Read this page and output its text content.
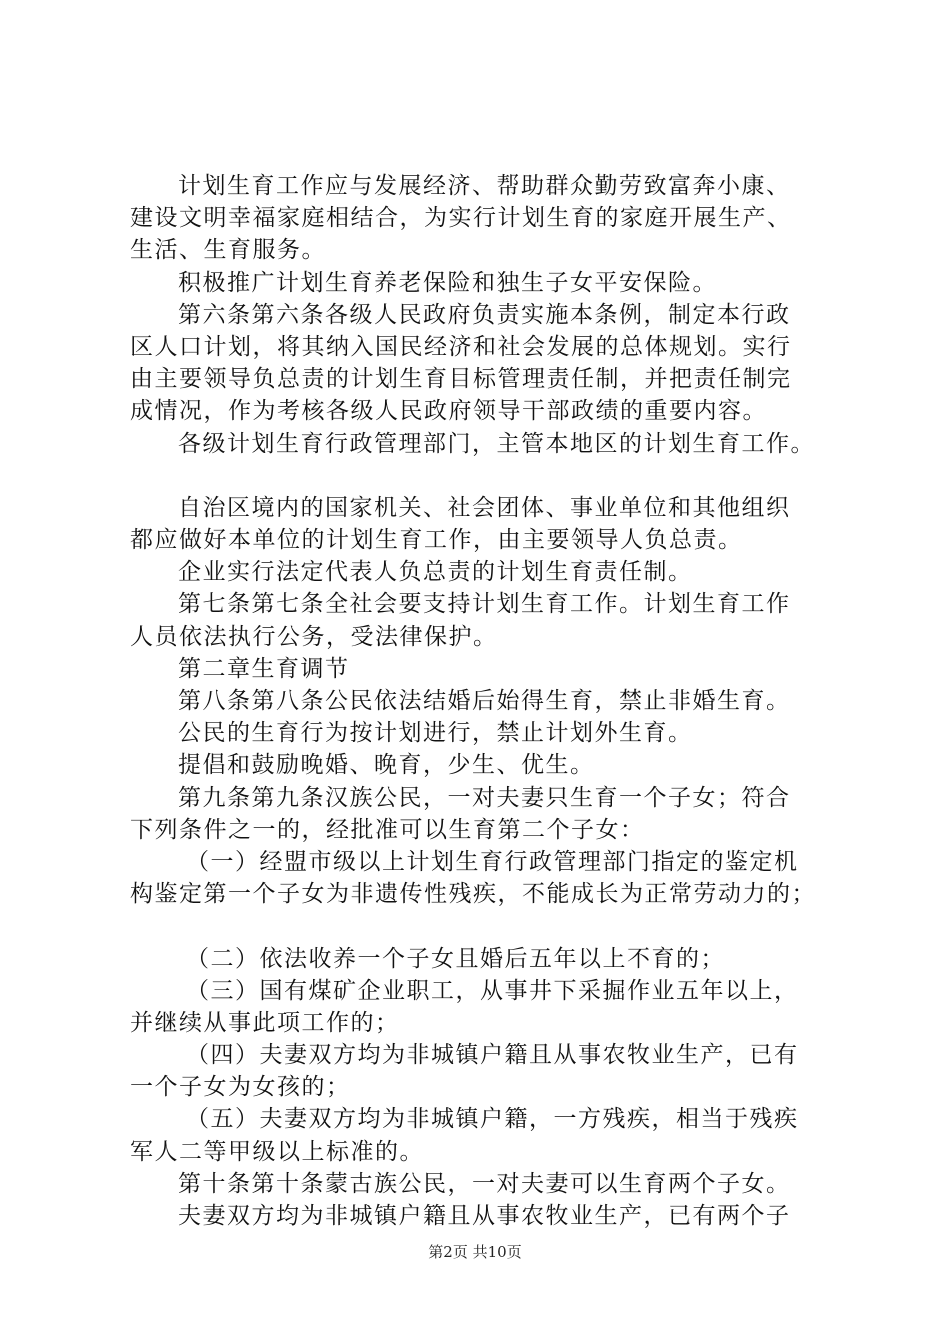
计划生育工作应与发展经济、帮助群众勤劳致富奔小康、
建设文明幸福家庭相结合，为实行计划生育的家庭开展生产、
生活、生育服务。
积极推广计划生育养老保险和独生子女平安保险。
第六条第六条各级人民政府负责实施本条例，制定本行政
区人口计划，将其纳入国民经济和社会发展的总体规划。实行
由主要领导负总责的计划生育目标管理责任制，并把责任制完
成情况，作为考核各级人民政府领导干部政绩的重要内容。
各级计划生育行政管理部门，主管本地区的计划生育工作。
自治区境内的国家机关、社会团体、事业单位和其他组织
都应做好本单位的计划生育工作，由主要领导人负总责。
企业实行法定代表人负总责的计划生育责任制。
第七条第七条全社会要支持计划生育工作。计划生育工作
人员依法执行公务，受法律保护。
第二章生育调节
第八条第八条公民依法结婚后始得生育，禁止非婚生育。
公民的生育行为按计划进行，禁止计划外生育。
提倡和鼓励晚婚、晚育，少生、优生。
第九条第九条汉族公民，一对夫妻只生育一个子女；符合
下列条件之一的，经批准可以生育第二个子女：
（一）经盟市级以上计划生育行政管理部门指定的鉴定机
构鉴定第一个子女为非遗传性残疾，不能成长为正常劳动力的；
（二）依法收养一个子女且婚后五年以上不育的；
（三）国有煤矿企业职工，从事井下采掘作业五年以上，
并继续从事此项工作的；
（四）夫妻双方均为非城镇户籍且从事农牧业生产，已有
一个子女为女孩的；
（五）夫妻双方均为非城镇户籍，一方残疾，相当于残疾
军人二等甲级以上标准的。
第十条第十条蒙古族公民，一对夫妻可以生育两个子女。
夫妻双方均为非城镇户籍且从事农牧业生产，已有两个子
第2页 共10页
